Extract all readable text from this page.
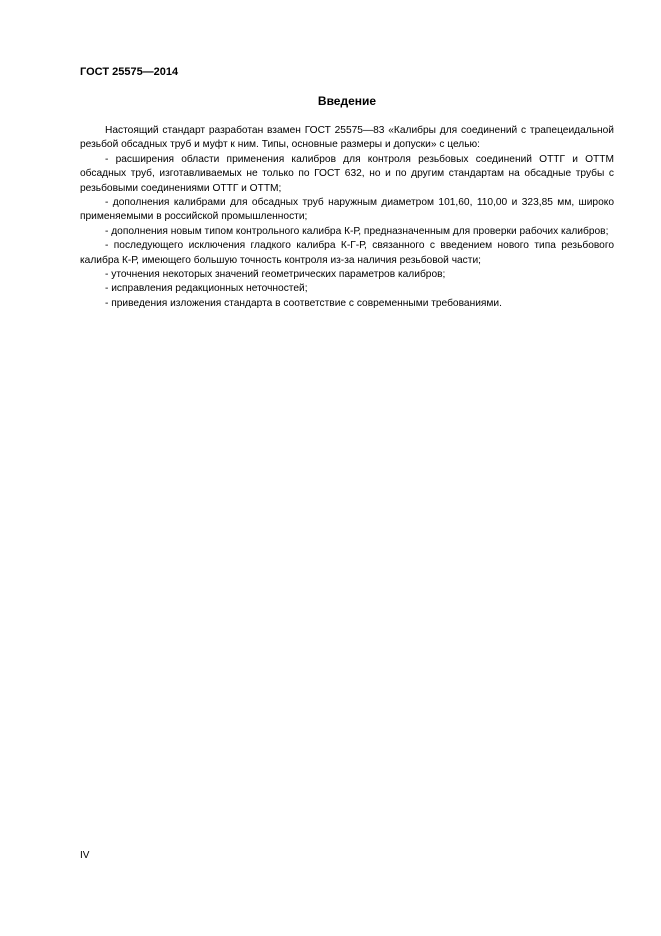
ГОСТ 25575—2014
Введение

Настоящий стандарт разработан взамен ГОСТ 25575—83 «Калибры для соединений с трапецеидальной резьбой обсадных труб и муфт к ним. Типы, основные размеры и допуски» с целью:

- расширения области применения калибров для контроля резьбовых соединений ОТТГ и ОТТМ обсадных труб, изготавливаемых не только по ГОСТ 632, но и по другим стандартам на обсадные трубы с резьбовыми соединениями ОТТГ и ОТТМ;

- дополнения калибрами для обсадных труб наружным диаметром 101,60, 110,00 и 323,85 мм, широко применяемыми в российской промышленности;

- дополнения новым типом контрольного калибра К-Р, предназначенным для проверки рабочих калибров;

- последующего исключения гладкого калибра К-Г-Р, связанного с введением нового типа резьбового калибра К-Р, имеющего большую точность контроля из-за наличия резьбовой части;

- уточнения некоторых значений геометрических параметров калибров;

- исправления редакционных неточностей;

- приведения изложения стандарта в соответствие с современными требованиями.

IV
